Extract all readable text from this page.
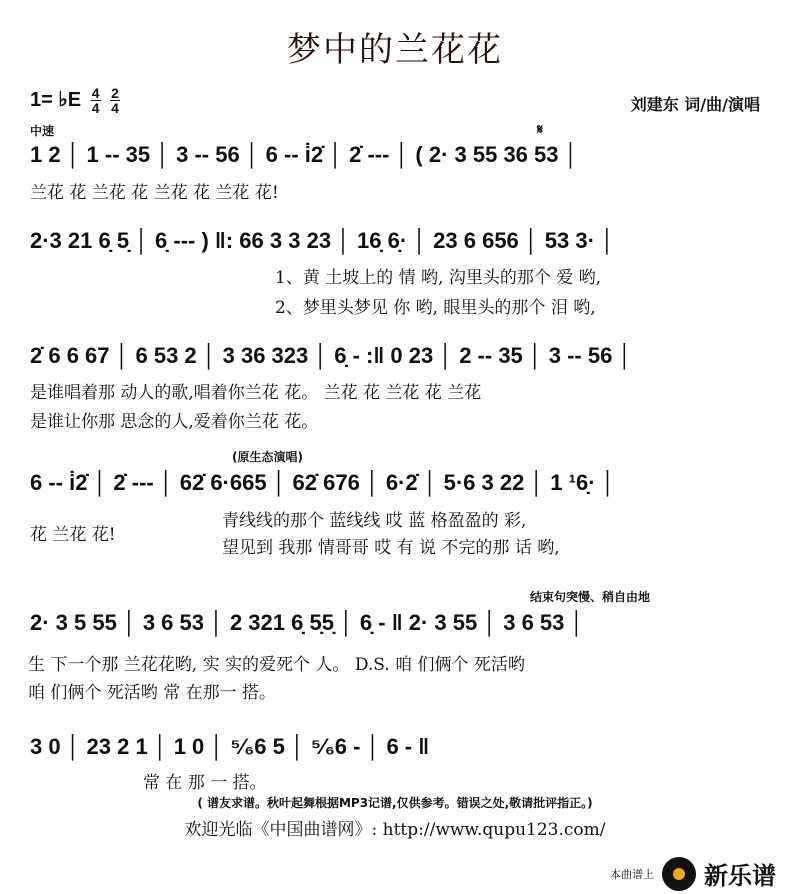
梦中的兰花花
1= ♭E $\frac{4}{4}$
$\frac{2}{4}$	刘建东 词/曲/演唱
中速	𝄋
1 2 │ 1 -- 35 │ 3 -- 56 │ 6 -- i̇2̇ │ 2̇ --- │ ( 2· 3 55 36 53 │
兰花 花 兰花 花 兰花 花 兰花 花!
2·3 21 6̣ 5̣ │ 6̣ --- ) ‖: 66 3 3 23 │ 16̣ 6̣· │ 23 6 656 │ 53 3· │
1、黄 土坡上的 情 哟, 沟里头的那个 爱 哟,
2、梦里头梦见 你 哟, 眼里头的那个 泪 哟,
2̇ 6 6 67 │ 6 53 2 │ 3 36 323 │ 6̣ - :‖ 0 23 │ 2 -- 35 │ 3 -- 56 │
是谁唱着那 动人的歌,唱着你兰花 花。 兰花 花 兰花 花 兰花
是谁让你那 思念的人,爱着你兰花 花。
(原生态演唱)
6 -- i̇2̇ │ 2̇ --- │ 62̇ 6·665 │ 62̇ 676 │ 6·2̇ │ 5·6 3 22 │ 1 ¹6̣· │
花 兰花 花!
青线线的那个 蓝线线 哎 蓝 格盈盈的 彩,
望见到 我那 情哥哥 哎 有 说 不完的那 话 哟,
结束句突慢、稍自由地
2· 3 5 55 │ 3 6 53 │ 2 321 6̣ 5̣5̣ │ 6̣ - ‖ 2· 3 55 │ 3 6 53 │
生 下一个那 兰花花哟, 实 实的爱死个 人。 D.S. 咱 们俩个 死活哟
咱 们俩个 死活哟 常 在那一 搭。
3 0 │ 23 2 1 │ 1 0 │ ⁵⁄₆6 5 │ ⁵⁄₆6 - │ 6 - ‖
常 在 那 一 搭。
( 谱友求谱。秋叶起舞根据MP3记谱,仅供参考。错误之处,敬请批评指正。)
欢迎光临《中国曲谱网》: http://www.qupu123.com/
本曲谱上 新乐谱
